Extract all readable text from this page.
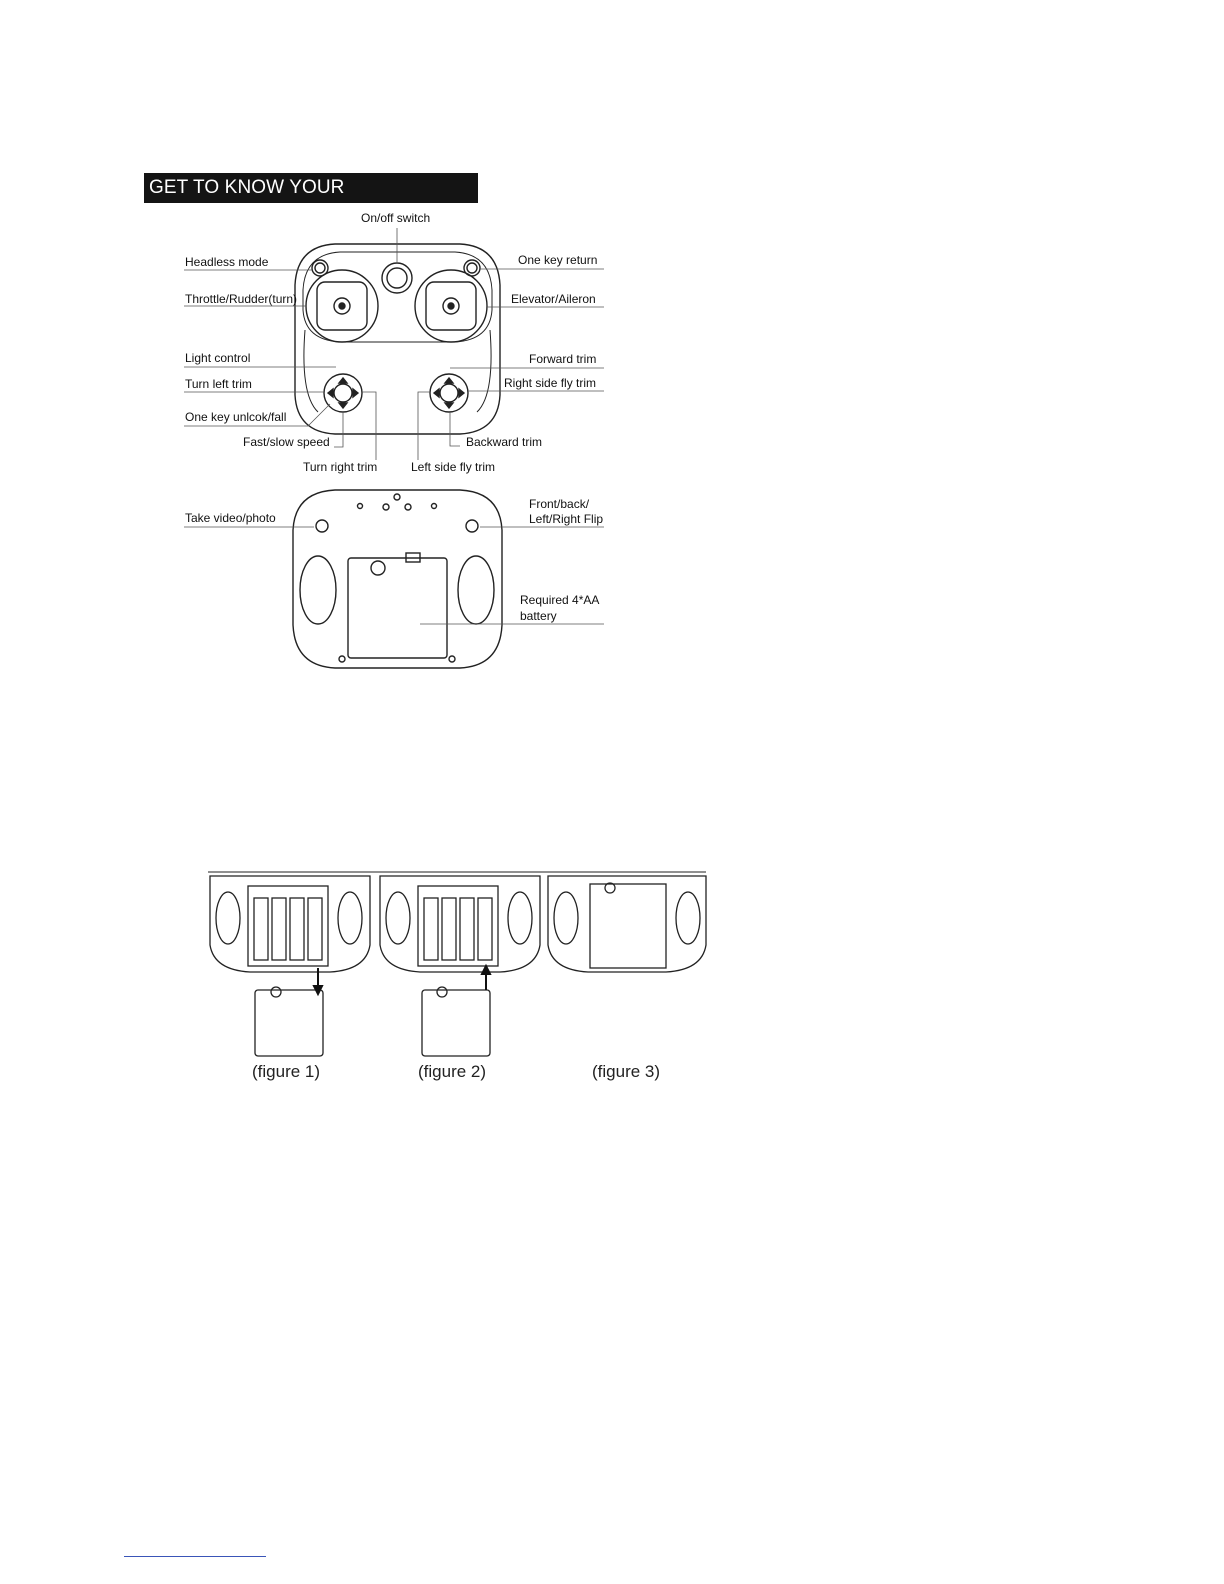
GET TO KNOW YOUR TRANSMITTER:	On/off switch
Headless mode	One key return
Throttle/Rudder(turn)	Elevator/Aileron
Light control	Forward trim
Turn left trim	Right side fly trim
One key unlcok/fall
Fast/slow speed	Backward trim
Turn right trim	Left side fly trim
Take video/photo
Front/back/
Left/Right Flip
Required 4*AA
battery
(figure 1)	(figure 2)	(figure 3)
